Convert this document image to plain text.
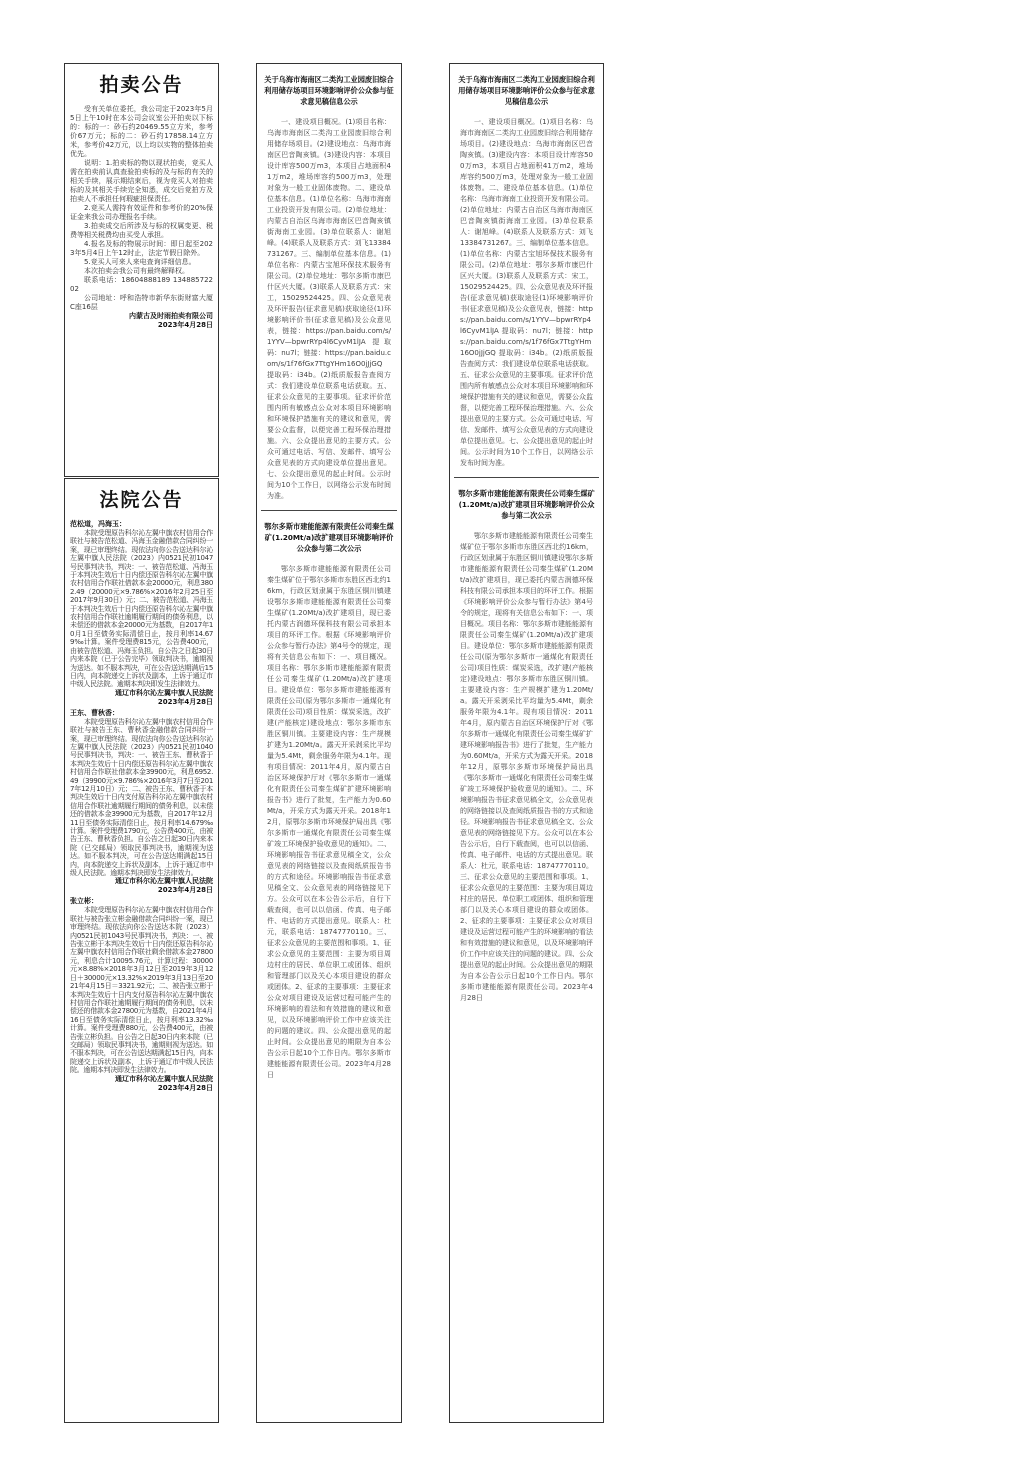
拍卖公告
受有关单位委托，我公司定于2023年5月5日上午10时在本公司会议室公开拍卖以下标的：标的一：砂石约20469.55立方米，参考价67万元；标的二：砂石约17858.14立方米，参考价42万元，以上均以实物的整体拍卖优先。
说明：1.拍卖标的物以现状拍卖，竞买人需在拍卖前认真查验拍卖标的及与标的有关的相关手续，展示期结束后，视为竞买人对拍卖标的及其相关手续完全知悉，成交后竞拍方及拍卖人不承担任何瑕疵担保责任。
2.竞买人需持有效证件和参考价的20%保证金来我公司办理报名手续。
3.拍卖成交后所涉及与标的权属变更、税费等相关税费均由买受人承担。
4.报名及标的物展示时间：即日起至2023年5月4日上午12时止，法定节假日除外。
5.竞买人可来人来电查询详细信息。
本次拍卖会我公司有最终解释权。
联系电话：18604888189 13488572202
公司地址：呼和浩特市新华东街财富大厦C座16层
内蒙古及时雨拍卖有限公司
2023年4月28日
法院公告
范松道，冯海玉：
本院受理原告科尔沁左翼中旗农村信用合作联社与被告范松道、冯海玉金融借款合同纠纷一案，现已审理终结。现依法向你公告送达科尔沁左翼中旗人民法院（2023）内0521民初1047号民事判决书，判决：一、被告范松道、冯海玉于本判决生效后十日内偿还原告科尔沁左翼中旗农村信用合作联社借款本金20000元，利息3802.49（20000元×9.786%×2016年2月25日至2017年9月30日）元；二、被告范松道、冯海玉于本判决生效后十日内偿还原告科尔沁左翼中旗农村信用合作联社逾期履行期间的债务利息，以未偿还的借款本金20000元为基数，自2017年10月1日至债务实际清偿日止，按月利率14.679‰计算。案件受理费815元，公告费400元，由被告范松道、冯海玉负担。自公告之日起30日内来本院（已于公告完毕）领取判决书，逾期视为送达。如不服本判决，可在公告送达期满后15日内，向本院递交上诉状及副本，上诉于通辽市中级人民法院。逾期本判决即发生法律效力。
通辽市科尔沁左翼中旗人民法院
2023年4月28日
王东、曹秋香：
本院受理原告科尔沁左翼中旗农村信用合作联社与被告王东、曹秋香金融借款合同纠纷一案，现已审理终结。现依法向你公告送达科尔沁左翼中旗人民法院（2023）内0521民初1040号民事判决书，判决：一、被告王东、曹秋香于本判决生效后十日内偿还原告科尔沁左翼中旗农村信用合作联社借款本金39900元，利息6952.49（39900元×9.786%×2016年3月7日至2017年12月10日）元；二、被告王东、曹秋香于本判决生效后十日内支付原告科尔沁左翼中旗农村信用合作联社逾期履行期间的债务利息，以未偿还的借款本金39900元为基数，自2017年12月11日至债务实际清偿日止，按月利率14.679‰计算。案件受理费1790元，公告费400元，由被告王东、曹秋香负担。自公告之日起30日内来本院（已交邮局）领取民事判决书，逾期视为送达。如不服本判决，可在公告送达期满起15日内，向本院递交上诉状及副本，上诉于通辽市中级人民法院。逾期本判决即发生法律效力。
通辽市科尔沁左翼中旗人民法院
2023年4月28日
张立彬：
本院受理原告科尔沁左翼中旗农村信用合作联社与被告张立彬金融借款合同纠纷一案，现已审理终结。现依法向你公告送达本院（2023）内0521民初1043号民事判决书，判决：一、被告张立彬于本判决生效后十日内偿还原告科尔沁左翼中旗农村信用合作联社剩余借款本金27800元，利息合计10095.76元，计算过程：30000元×8.88%×2018年3月12日至2019年3月12日＋30000元×13.32%×2019年3月13日至2021年4月15日＝3321.92元；二、被告张立彬于本判决生效后十日内支付原告科尔沁左翼中旗农村信用合作联社逾期履行期间的债务利息，以未偿还的借款本金27800元为基数，自2021年4月16日至债务实际清偿日止，按月利率13.32‰计算。案件受理费880元，公告费400元，由被告张立彬负担。自公告之日起30日内来本院（已交邮局）领取民事判决书，逾期则视为送达。如不服本判决，可在公告送达期满起15日内，向本院递交上诉状及副本，上诉于通辽市中级人民法院。逾期本判决即发生法律效力。
通辽市科尔沁左翼中旗人民法院
2023年4月28日
关于乌海市海南区二类沟工业园废旧综合利用储存场项目环境影响评价公众参与征求意见稿信息公示
一、建设项目概况。(1)项目名称：乌海市海南区二类沟工业园废旧综合利用储存场项目。(2)建设地点：乌海市海南区巴音陶亥镇。(3)建设内容：本项目设计库容500万m3，本项目占地面积41万m2，堆场库容约500万m3，处理对象为一般工业固体废物。二、建设单位基本信息。(1)单位名称：乌海市海南工业投资开发有限公司。(2)单位地址：内蒙古自治区乌海市海南区巴音陶亥镇街海南工业园。(3)单位联系人：谢旭峰。(4)联系人及联系方式：刘飞13384731267。三、编制单位基本信息。(1)单位名称：内蒙古宝旭环保技术服务有限公司。(2)单位地址：鄂尔多斯市康巴什区兴大厦。(3)联系人及联系方式：宋工，15029524425。四、公众意见表及环评报告(征求意见稿)获取途径(1)环境影响评价书(征求意见稿)及公众意见表，链接：https://pan.baidu.com/s/1YYV—bpwrRYp4l6CyvM1lJA 提取码：nu7l；链接：https://pan.baidu.com/s/1f76fGx7TtgYHm16O0jJjGQ 提取码：i34b。(2)纸质版报告查阅方式：我们建设单位联系电话获取。五、征求公众意见的主要事项。征求评价范围内所有敏感点公众对本项目环境影响和环境保护措施有关的建议和意见，需要公众监督，以便完善工程环保治理措施。六、公众提出意见的主要方式。公众可通过电话、写信、发邮件、填写公众意见表的方式向建设单位提出意见。七、公众提出意见的起止时间。公示时间为10个工作日，以网络公示发布时间为准。
鄂尔多斯市建能能源有限责任公司秦生煤矿(1.20Mt/a)改扩建项目环境影响评价公众参与第二次公示
鄂尔多斯市建能能源有限责任公司秦生煤矿位于鄂尔多斯市东胜区西北约16km，行政区划隶属于东胜区铜川镇建设鄂尔多斯市建能能源有限责任公司秦生煤矿(1.20Mt/a)改扩建项目，现已委托内蒙古润德环保科技有限公司承担本项目的环评工作。根据《环境影响评价公众参与暂行办法》第4号令的规定，现将有关信息公布如下：一、项目概况。项目名称：鄂尔多斯市建能能源有限责任公司秦生煤矿(1.20Mt/a)改扩建项目。建设单位：鄂尔多斯市建能能源有限责任公司(原为鄂尔多斯市一通煤化有限责任公司)项目性质：煤炭采选，改扩建(产能核定)建设地点：鄂尔多斯市东胜区铜川镇。主要建设内容：生产规模扩建为1.20Mt/a。露天开采剥采比平均量为5.4Mt，剩余服务年限为4.1年。现有项目情况：2011年4月，原内蒙古自治区环境保护厅对《鄂尔多斯市一通煤化有限责任公司秦生煤矿扩建环境影响报告书》进行了批复，生产能力为0.60Mt/a，开采方式为露天开采。2018年12月，原鄂尔多斯市环境保护局出具《鄂尔多斯市一通煤化有限责任公司秦生煤矿竣工环境保护验收意见的通知》。二、环境影响报告书征求意见稿全文，公众意见表的网络链接以及查阅纸质报告书的方式和途径。环境影响报告书征求意见稿全文、公众意见表的网络链接见下方。公众可以在本公告公示后，自行下载查阅，也可以以信函、传真、电子邮件、电话的方式提出意见。联系人：杜元，联系电话：18747770110。三、征求公众意见的主要范围和事项。1、征求公众意见的主要范围：主要为项目周边村庄的居民、单位职工或团体、组织和管理部门以及关心本项目建设的群众或团体。2、征求的主要事项：主要征求公众对项目建设及运营过程可能产生的环境影响的看法和有效措施的建议和意见，以及环境影响评价工作中应该关注的问题的建议。四、公众提出意见的起止时间。公众提出意见的期限为自本公告公示日起10个工作日内。鄂尔多斯市建能能源有限责任公司。2023年4月28日
关于乌海市海南区二类沟工业园废旧综合利用储存场项目环境影响评价公众参与征求意见稿信息公示
一、建设项目概况。(1)项目名称：乌海市海南区二类沟工业园废旧综合利用储存场项目。(2)建设地点：乌海市海南区巴音陶亥镇。(3)建设内容：本项目设计库容500万m3，本项目占地面积41万m2，堆场库容约500万m3，处理对象为一般工业固体废物。二、建设单位基本信息。(1)单位名称：乌海市海南工业投资开发有限公司。(2)单位地址：内蒙古自治区乌海市海南区巴音陶亥镇街海南工业园。(3)单位联系人：谢旭峰。(4)联系人及联系方式：刘飞13384731267。三、编制单位基本信息。(1)单位名称：内蒙古宝旭环保技术服务有限公司。(2)单位地址：鄂尔多斯市康巴什区兴大厦。(3)联系人及联系方式：宋工，15029524425。四、公众意见表及环评报告(征求意见稿)获取途径(1)环境影响评价书(征求意见稿)及公众意见表，链接：https://pan.baidu.com/s/1YYV—bpwrRYp4l6CyvM1lJA 提取码：nu7l；链接：https://pan.baidu.com/s/1f76fGx7TtgYHm16O0jJjGQ 提取码：i34b。(2)纸质版报告查阅方式：我们建设单位联系电话获取。五、征求公众意见的主要事项。征求评价范围内所有敏感点公众对本项目环境影响和环境保护措施有关的建议和意见，需要公众监督，以便完善工程环保治理措施。六、公众提出意见的主要方式。公众可通过电话、写信、发邮件、填写公众意见表的方式向建设单位提出意见。七、公众提出意见的起止时间。公示时间为10个工作日，以网络公示发布时间为准。
鄂尔多斯市建能能源有限责任公司秦生煤矿(1.20Mt/a)改扩建项目环境影响评价公众参与第二次公示
鄂尔多斯市建能能源有限责任公司秦生煤矿位于鄂尔多斯市东胜区西北约16km，行政区划隶属于东胜区铜川镇建设鄂尔多斯市建能能源有限责任公司秦生煤矿(1.20Mt/a)改扩建项目，现已委托内蒙古润德环保科技有限公司承担本项目的环评工作。根据《环境影响评价公众参与暂行办法》第4号令的规定，现将有关信息公布如下：一、项目概况。项目名称：鄂尔多斯市建能能源有限责任公司秦生煤矿(1.20Mt/a)改扩建项目。建设单位：鄂尔多斯市建能能源有限责任公司(原为鄂尔多斯市一通煤化有限责任公司)项目性质：煤炭采选，改扩建(产能核定)建设地点：鄂尔多斯市东胜区铜川镇。主要建设内容：生产规模扩建为1.20Mt/a。露天开采剥采比平均量为5.4Mt，剩余服务年限为4.1年。现有项目情况：2011年4月，原内蒙古自治区环境保护厅对《鄂尔多斯市一通煤化有限责任公司秦生煤矿扩建环境影响报告书》进行了批复，生产能力为0.60Mt/a，开采方式为露天开采。2018年12月，原鄂尔多斯市环境保护局出具《鄂尔多斯市一通煤化有限责任公司秦生煤矿竣工环境保护验收意见的通知》。二、环境影响报告书征求意见稿全文，公众意见表的网络链接以及查阅纸质报告书的方式和途径。环境影响报告书征求意见稿全文、公众意见表的网络链接见下方。公众可以在本公告公示后，自行下载查阅，也可以以信函、传真、电子邮件、电话的方式提出意见。联系人：杜元，联系电话：18747770110。三、征求公众意见的主要范围和事项。1、征求公众意见的主要范围：主要为项目周边村庄的居民、单位职工或团体、组织和管理部门以及关心本项目建设的群众或团体。2、征求的主要事项：主要征求公众对项目建设及运营过程可能产生的环境影响的看法和有效措施的建议和意见，以及环境影响评价工作中应该关注的问题的建议。四、公众提出意见的起止时间。公众提出意见的期限为自本公告公示日起10个工作日内。鄂尔多斯市建能能源有限责任公司。2023年4月28日
